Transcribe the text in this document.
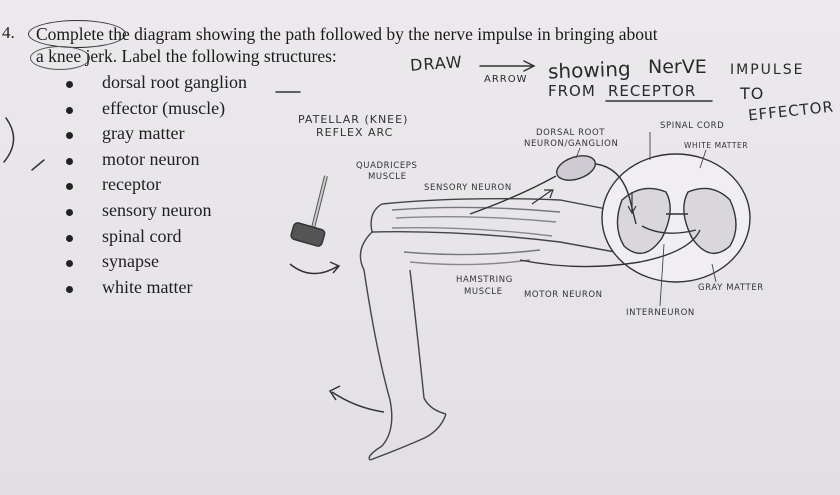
4. Complete the diagram showing the path followed by the nerve impulse in bringing about
a knee jerk. Label the following structures:
dorsal root ganglion
effector (muscle)
gray matter
motor neuron
receptor
sensory neuron
spinal cord
synapse
white matter
DRAW
ARROW showing NerVE IMPULSE
FROM RECEPTOR	TO
EFFECTOR
PATELLAR (KNEE)
REFLEX ARC
QUADRICEPS
MUSCLE
SENSORY NEURON
DORSAL ROOT
NEURON/GANGLION
SPINAL CORD
WHITE MATTER
HAMSTRING
MUSCLE	MOTOR NEURON
GRAY MATTER
INTERNEURON
